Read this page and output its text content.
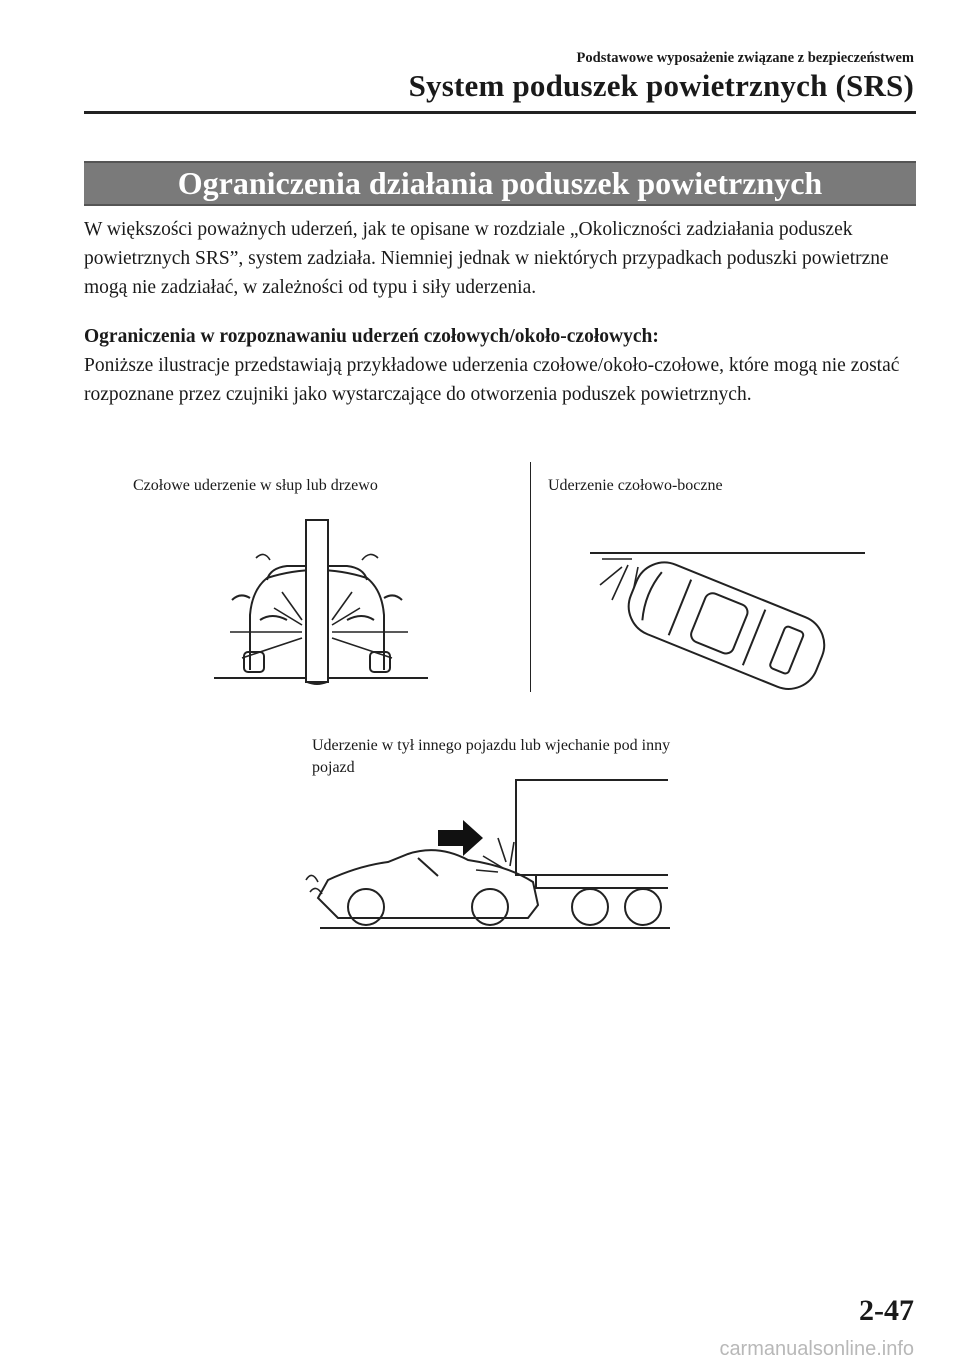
Podstawowe wyposażenie związane z bezpieczeństwem
System poduszek powietrznych (SRS)
Ograniczenia działania poduszek powietrznych
W większości poważnych uderzeń, jak te opisane w rozdziale „Okoliczności zadziałania poduszek powietrznych SRS”, system zadziała. Niemniej jednak w niektórych przypadkach poduszki powietrzne mogą nie zadziałać, w zależności od typu i siły uderzenia.
Ograniczenia w rozpoznawaniu uderzeń czołowych/około-czołowych:
Poniższe ilustracje przedstawiają przykładowe uderzenia czołowe/około-czołowe, które mogą nie zostać rozpoznane przez czujniki jako wystarczające do otworzenia poduszek powietrznych.
Czołowe uderzenie w słup lub drzewo	Uderzenie czołowo-boczne
Uderzenie w tył innego pojazdu lub wjechanie pod inny pojazd
2-47
carmanualsonline.info
